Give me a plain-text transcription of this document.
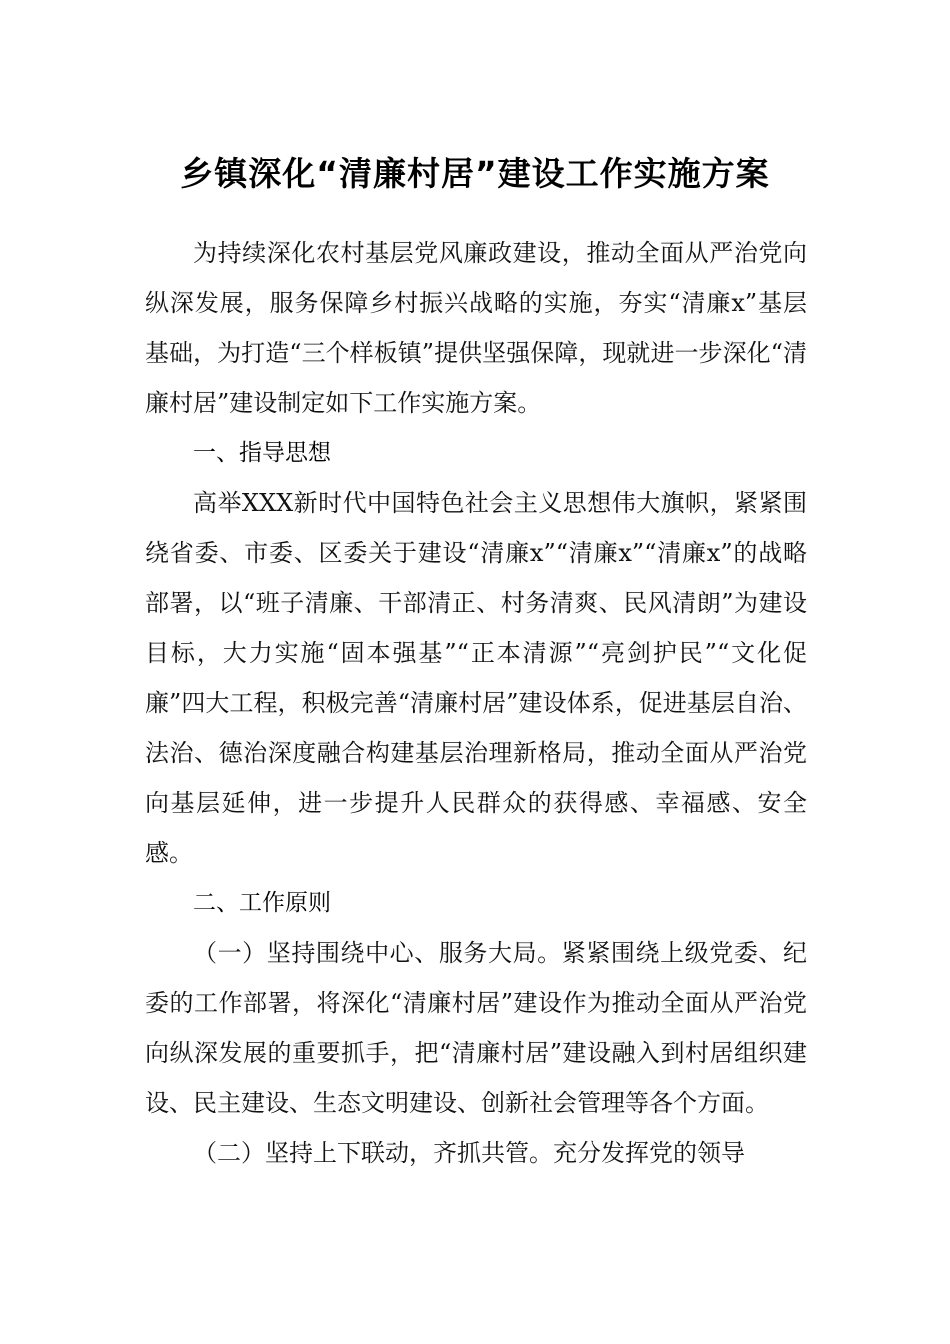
乡镇深化“清廉村居”建设工作实施方案

为持续深化农村基层党风廉政建设，推动全面从严治党向纵深发展，服务保障乡村振兴战略的实施，夯实“清廉x”基层基础，为打造“三个样板镇”提供坚强保障，现就进一步深化“清廉村居”建设制定如下工作实施方案。

一、指导思想

高举XXX新时代中国特色社会主义思想伟大旗帜，紧紧围绕省委、市委、区委关于建设“清廉x”“清廉x”“清廉x”的战略部署，以“班子清廉、干部清正、村务清爽、民风清朗”为建设目标，大力实施“固本强基”“正本清源”“亮剑护民”“文化促廉”四大工程，积极完善“清廉村居”建设体系，促进基层自治、法治、德治深度融合构建基层治理新格局，推动全面从严治党向基层延伸，进一步提升人民群众的获得感、幸福感、安全感。

二、工作原则

（一）坚持围绕中心、服务大局。紧紧围绕上级党委、纪委的工作部署，将深化“清廉村居”建设作为推动全面从严治党向纵深发展的重要抓手，把“清廉村居”建设融入到村居组织建设、民主建设、生态文明建设、创新社会管理等各个方面。

（二）坚持上下联动，齐抓共管。充分发挥党的领导
